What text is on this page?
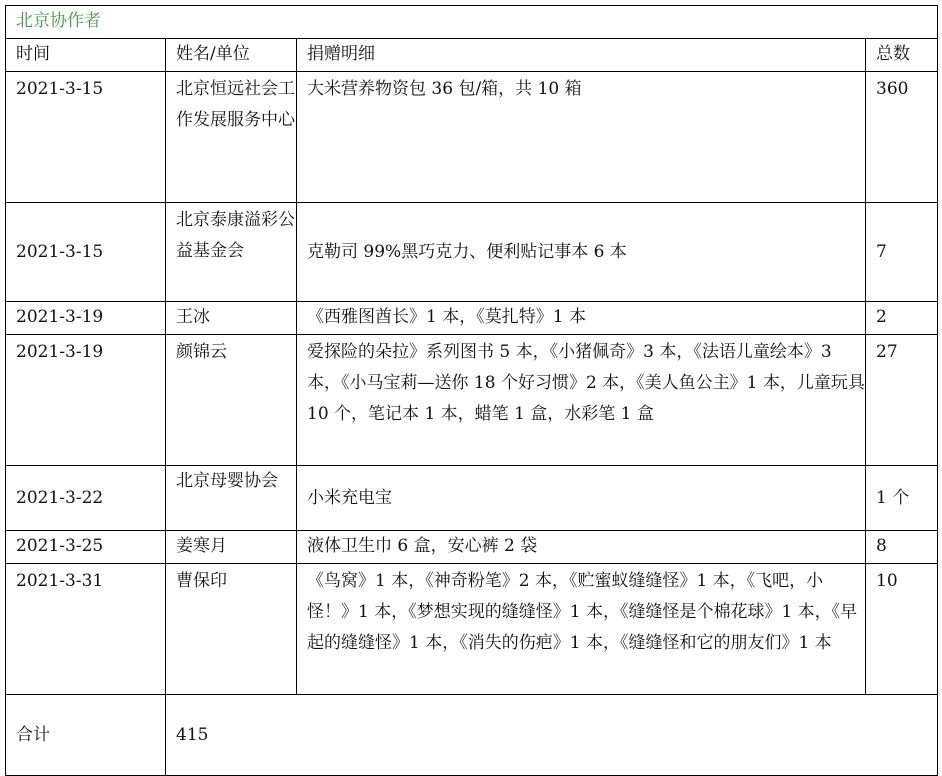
北京协作者			
时间	姓名/单位	捐赠明细	总数
2021-3-15	北京恒远社会工作发展服务中心	大米营养物资包 36 包/箱，共 10 箱	360
2021-3-15	北京泰康溢彩公益基金会	克勒司 99%黑巧克力、便利贴记事本 6 本	7
2021-3-19	王冰	《西雅图酋长》1 本，《莫扎特》1 本	2
2021-3-19	颜锦云	爱探险的朵拉》系列图书 5 本，《小猪佩奇》3 本，《法语儿童绘本》3 本，《小马宝莉—送你 18 个好习惯》2 本，《美人鱼公主》1 本，儿童玩具 10 个，笔记本 1 本，蜡笔 1 盒，水彩笔 1 盒	27
2021-3-22	北京母婴协会	小米充电宝	1 个
2021-3-25	姜寒月	液体卫生巾 6 盒，安心裤 2 袋	8
2021-3-31	曹保印	《鸟窝》1 本，《神奇粉笔》2 本，《贮蜜蚁缝缝怪》1 本，《飞吧，小怪！》1 本，《梦想实现的缝缝怪》1 本，《缝缝怪是个棉花球》1 本，《早起的缝缝怪》1 本，《消失的伤疤》1 本，《缝缝怪和它的朋友们》1 本	10
合计	415		
